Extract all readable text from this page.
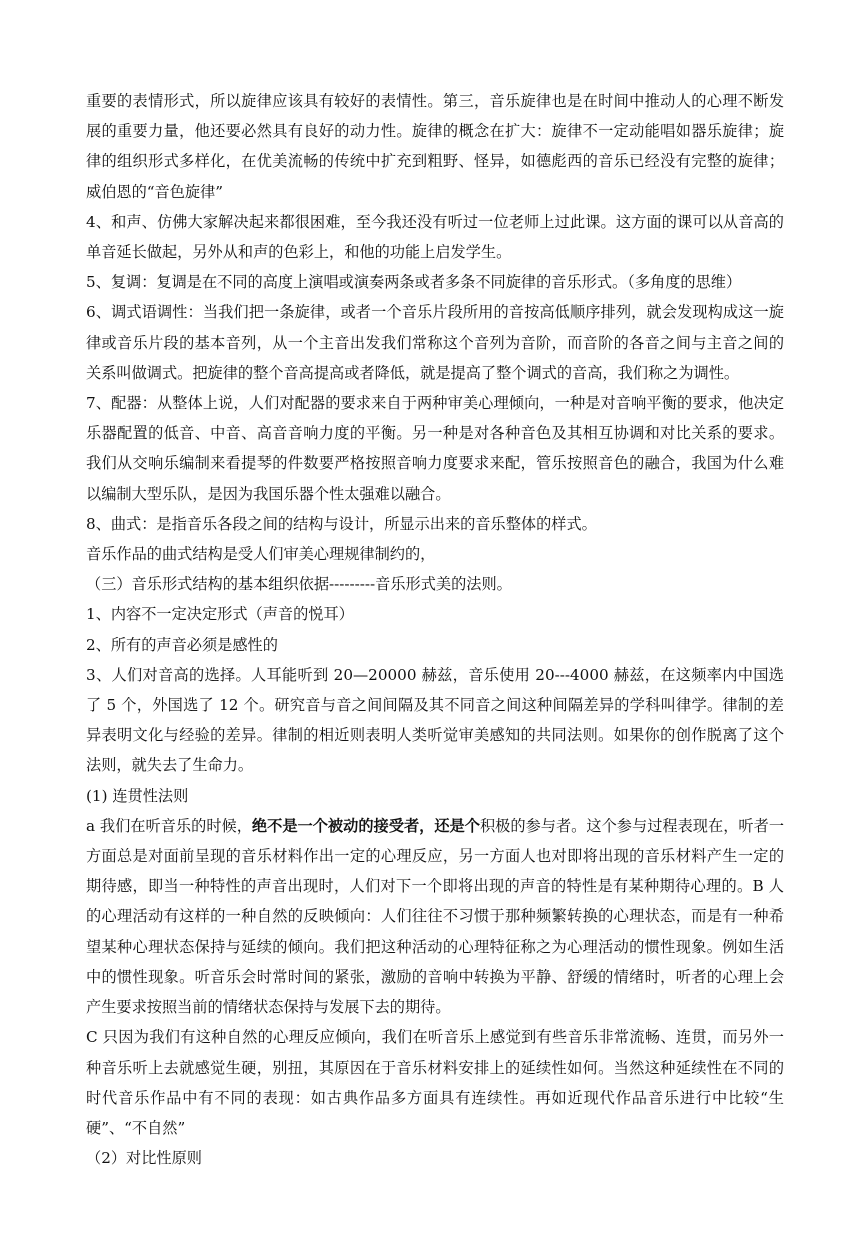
重要的表情形式，所以旋律应该具有较好的表情性。第三，音乐旋律也是在时间中推动人的心理不断发展的重要力量，他还要必然具有良好的动力性。旋律的概念在扩大：旋律不一定动能唱如器乐旋律；旋律的组织形式多样化，在优美流畅的传统中扩充到粗野、怪异，如德彪西的音乐已经没有完整的旋律；威伯恩的“音色旋律”

4、和声、仿佛大家解决起来都很困难，至今我还没有听过一位老师上过此课。这方面的课可以从音高的单音延长做起，另外从和声的色彩上，和他的功能上启发学生。

5、复调：复调是在不同的高度上演唱或演奏两条或者多条不同旋律的音乐形式。（多角度的思维）

6、调式语调性：当我们把一条旋律，或者一个音乐片段所用的音按高低顺序排列，就会发现构成这一旋律或音乐片段的基本音列，从一个主音出发我们常称这个音列为音阶，而音阶的各音之间与主音之间的关系叫做调式。把旋律的整个音高提高或者降低，就是提高了整个调式的音高，我们称之为调性。

7、配器：从整体上说，人们对配器的要求来自于两种审美心理倾向，一种是对音响平衡的要求，他决定乐器配置的低音、中音、高音音响力度的平衡。另一种是对各种音色及其相互协调和对比关系的要求。我们从交响乐编制来看提琴的件数要严格按照音响力度要求来配，管乐按照音色的融合，我国为什么难以编制大型乐队，是因为我国乐器个性太强难以融合。

8、曲式：是指音乐各段之间的结构与设计，所显示出来的音乐整体的样式。

音乐作品的曲式结构是受人们审美心理规律制约的，

（三）音乐形式结构的基本组织依据---------音乐形式美的法则。

1、内容不一定决定形式（声音的悦耳）

2、所有的声音必须是感性的

3、人们对音高的选择。人耳能听到 20—20000 赫兹，音乐使用 20---4000 赫兹，在这频率内中国选了 5 个，外国选了 12 个。研究音与音之间间隔及其不同音之间这种间隔差异的学科叫律学。律制的差异表明文化与经验的差异。律制的相近则表明人类听觉审美感知的共同法则。如果你的创作脱离了这个法则，就失去了生命力。

(1) 连贯性法则

a 我们在听音乐的时候，绝不是一个被动的接受者，还是个积极的参与者。这个参与过程表现在，听者一方面总是对面前呈现的音乐材料作出一定的心理反应，另一方面人也对即将出现的音乐材料产生一定的期待感，即当一种特性的声音出现时，人们对下一个即将出现的声音的特性是有某种期待心理的。B 人的心理活动有这样的一种自然的反映倾向：人们往往不习惯于那种频繁转换的心理状态，而是有一种希望某种心理状态保持与延续的倾向。我们把这种活动的心理特征称之为心理活动的惯性现象。例如生活中的惯性现象。听音乐会时常时间的紧张，激励的音响中转换为平静、舒缓的情绪时，听者的心理上会产生要求按照当前的情绪状态保持与发展下去的期待。

C 只因为我们有这种自然的心理反应倾向，我们在听音乐上感觉到有些音乐非常流畅、连贯，而另外一种音乐听上去就感觉生硬，别扭，其原因在于音乐材料安排上的延续性如何。当然这种延续性在不同的时代音乐作品中有不同的表现：如古典作品多方面具有连续性。再如近现代作品音乐进行中比较“生硬”、“不自然”

（2）对比性原则
